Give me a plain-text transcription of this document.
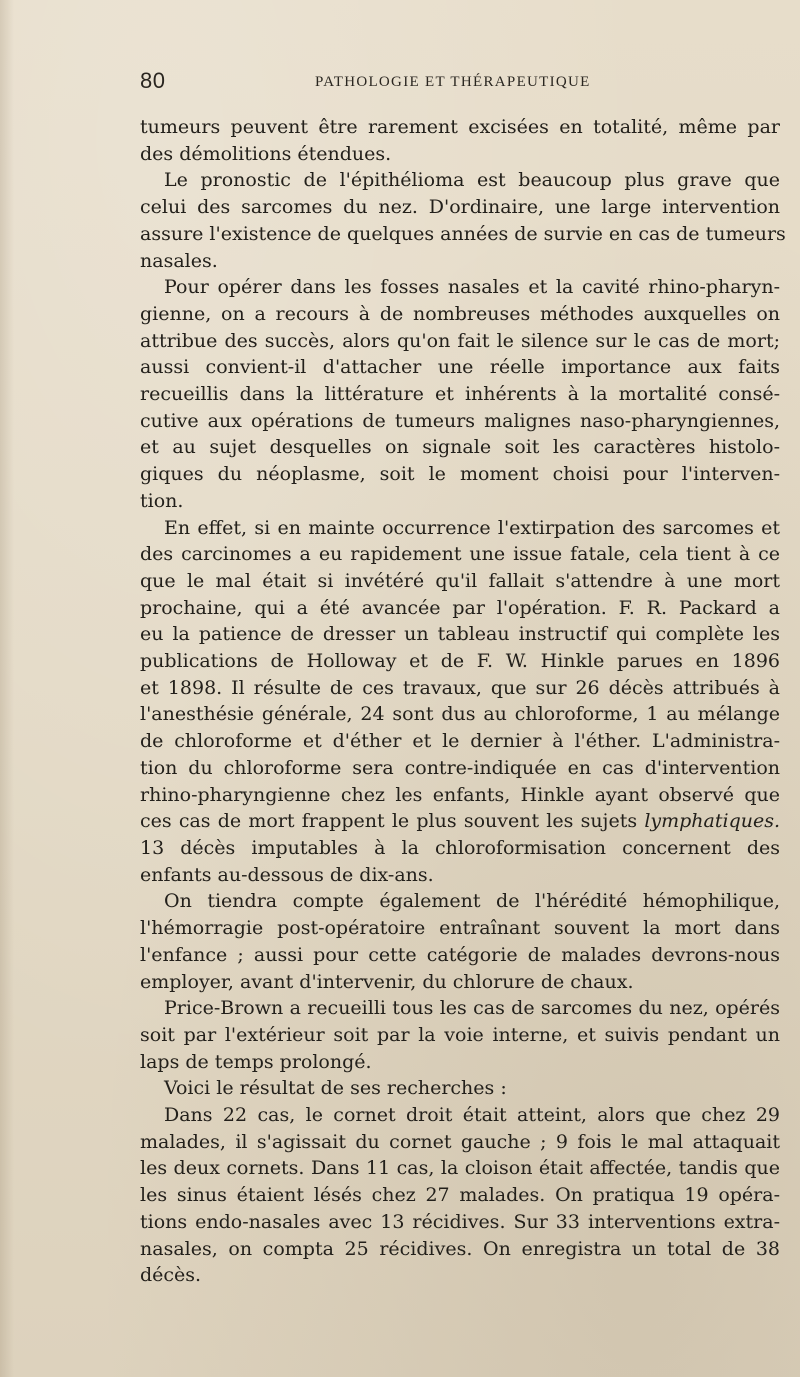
80	PATHOLOGIE ET THÉRAPEUTIQUE
tumeurs peuvent être rarement excisées en totalité, même par
des démolitions étendues.
Le pronostic de l'épithélioma est beaucoup plus grave que
celui des sarcomes du nez. D'ordinaire, une large intervention
assure l'existence de quelques années de survie en cas de tumeurs
nasales.
Pour opérer dans les fosses nasales et la cavité rhino-pharyn-
gienne, on a recours à de nombreuses méthodes auxquelles on
attribue des succès, alors qu'on fait le silence sur le cas de mort;
aussi convient-il d'attacher une réelle importance aux faits
recueillis dans la littérature et inhérents à la mortalité consé-
cutive aux opérations de tumeurs malignes naso-pharyngiennes,
et au sujet desquelles on signale soit les caractères histolo-
giques du néoplasme, soit le moment choisi pour l'interven-
tion.
En effet, si en mainte occurrence l'extirpation des sarcomes et
des carcinomes a eu rapidement une issue fatale, cela tient à ce
que le mal était si invétéré qu'il fallait s'attendre à une mort
prochaine, qui a été avancée par l'opération. F. R. Packard a
eu la patience de dresser un tableau instructif qui complète les
publications de Holloway et de F. W. Hinkle parues en 1896
et 1898. Il résulte de ces travaux, que sur 26 décès attribués à
l'anesthésie générale, 24 sont dus au chloroforme, 1 au mélange
de chloroforme et d'éther et le dernier à l'éther. L'administra-
tion du chloroforme sera contre-indiquée en cas d'intervention
rhino-pharyngienne chez les enfants, Hinkle ayant observé que
ces cas de mort frappent le plus souvent les sujets lymphatiques.
13 décès imputables à la chloroformisation concernent des
enfants au-dessous de dix-ans.
On tiendra compte également de l'hérédité hémophilique,
l'hémorragie post-opératoire entraînant souvent la mort dans
l'enfance ; aussi pour cette catégorie de malades devrons-nous
employer, avant d'intervenir, du chlorure de chaux.
Price-Brown a recueilli tous les cas de sarcomes du nez, opérés
soit par l'extérieur soit par la voie interne, et suivis pendant un
laps de temps prolongé.
Voici le résultat de ses recherches :
Dans 22 cas, le cornet droit était atteint, alors que chez 29
malades, il s'agissait du cornet gauche ; 9 fois le mal attaquait
les deux cornets. Dans 11 cas, la cloison était affectée, tandis que
les sinus étaient lésés chez 27 malades. On pratiqua 19 opéra-
tions endo-nasales avec 13 récidives. Sur 33 interventions extra-
nasales, on compta 25 récidives. On enregistra un total de 38
décès.
